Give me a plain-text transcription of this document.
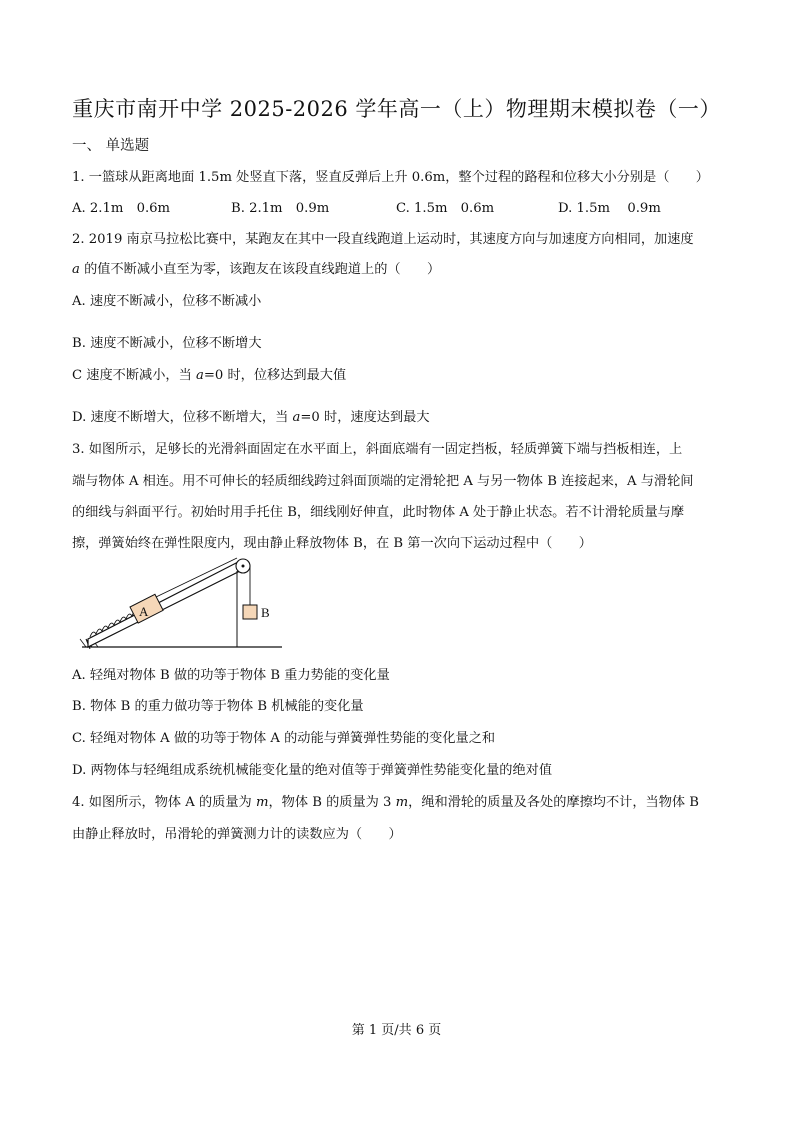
重庆市南开中学 2025-2026 学年高一（上）物理期末模拟卷（一）
一、 单选题
1. 一篮球从距离地面 1.5m 处竖直下落，竖直反弹后上升 0.6m，整个过程的路程和位移大小分别是（　　）
A. 2.1m　0.6m	B. 2.1m　0.9m	C. 1.5m　0.6m	D. 1.5m　 0.9m
2. 2019 南京马拉松比赛中，某跑友在其中一段直线跑道上运动时，其速度方向与加速度方向相同，加速度
a 的值不断减小直至为零，该跑友在该段直线跑道上的（　　）
A. 速度不断减小，位移不断减小
B. 速度不断减小，位移不断增大
C 速度不断减小，当 a=0 时，位移达到最大值
D. 速度不断增大，位移不断增大，当 a=0 时，速度达到最大
3. 如图所示，足够长的光滑斜面固定在水平面上，斜面底端有一固定挡板，轻质弹簧下端与挡板相连，上
端与物体 A 相连。用不可伸长的轻质细线跨过斜面顶端的定滑轮把 A 与另一物体 B 连接起来，A 与滑轮间
的细线与斜面平行。初始时用手托住 B，细线刚好伸直，此时物体 A 处于静止状态。若不计滑轮质量与摩
擦，弹簧始终在弹性限度内，现由静止释放物体 B，在 B 第一次向下运动过程中（　　）
A	B
A. 轻绳对物体 B 做的功等于物体 B 重力势能的变化量
B. 物体 B 的重力做功等于物体 B 机械能的变化量
C. 轻绳对物体 A 做的功等于物体 A 的动能与弹簧弹性势能的变化量之和
D. 两物体与轻绳组成系统机械能变化量的绝对值等于弹簧弹性势能变化量的绝对值
4. 如图所示，物体 A 的质量为 m，物体 B 的质量为 3 m，绳和滑轮的质量及各处的摩擦均不计，当物体 B
由静止释放时，吊滑轮的弹簧测力计的读数应为（　　）
第 1 页/共 6 页
